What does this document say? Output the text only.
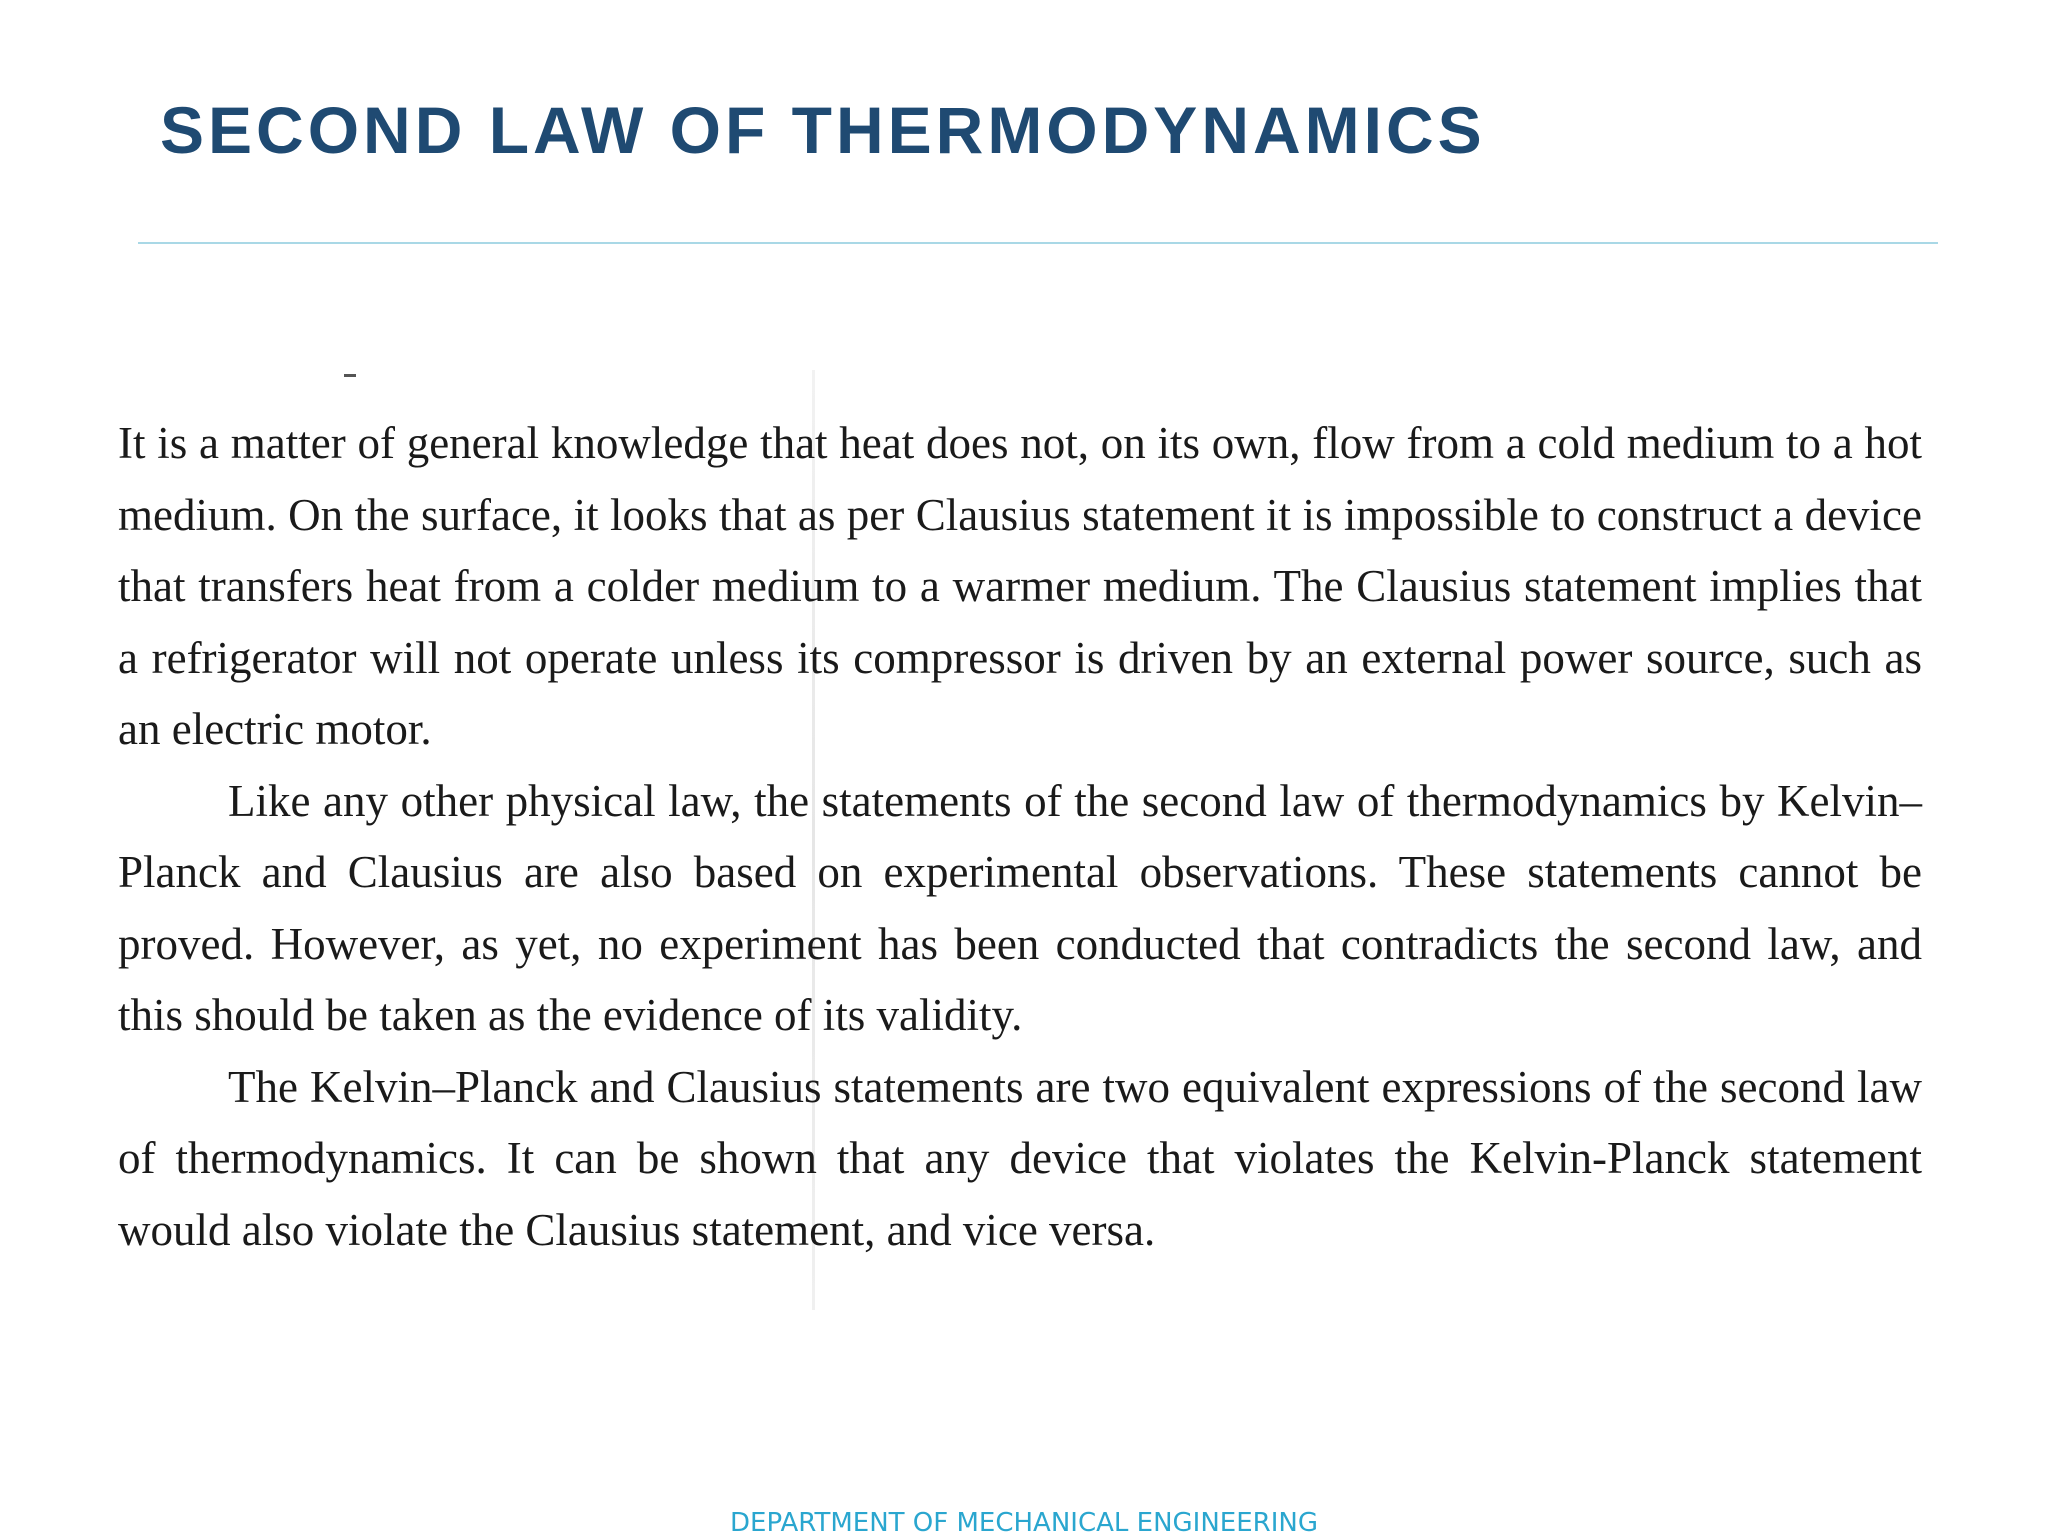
SECOND LAW OF THERMODYNAMICS

It is a matter of general knowledge that heat does not, on its own, flow from a cold medium to a hot medium. On the surface, it looks that as per Clausius statement it is impossible to construct a device that transfers heat from a colder medium to a warmer medium. The Clausius statement implies that a refrigerator will not operate unless its compressor is driven by an external power source, such as an electric motor.

Like any other physical law, the statements of the second law of thermodynamics by Kelvin–Planck and Clausius are also based on experimental observations. These statements cannot be proved. However, as yet, no experiment has been conducted that contradicts the second law, and this should be taken as the evidence of its validity.

The Kelvin–Planck and Clausius statements are two equivalent expressions of the second law of thermodynamics. It can be shown that any device that violates the Kelvin-Planck statement would also violate the Clausius statement, and vice versa.

DEPARTMENT OF MECHANICAL ENGINEERING
